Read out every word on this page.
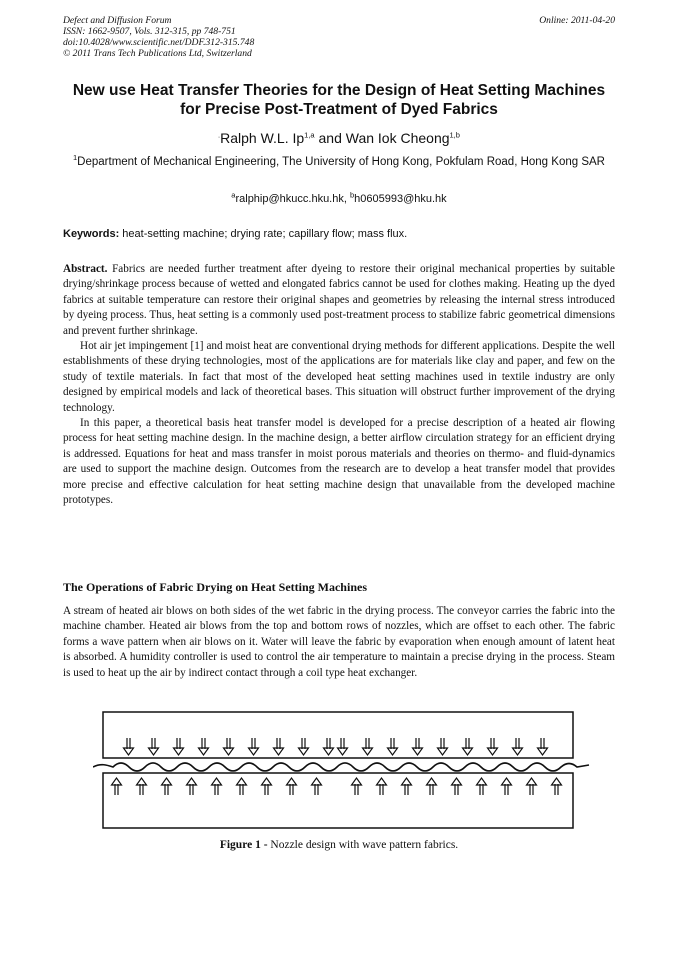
Defect and Diffusion Forum	Online: 2011-04-20
ISSN: 1662-9507, Vols. 312-315, pp 748-751
doi:10.4028/www.scientific.net/DDF.312-315.748
© 2011 Trans Tech Publications Ltd, Switzerland
New use Heat Transfer Theories for the Design of Heat Setting Machines
for Precise Post-Treatment of Dyed Fabrics
.Ralph W.L. Ip$^{1,a}$ and Wan Iok Cheong$^{1,b}$
$^1$Department of Mechanical Engineering, The University of Hong Kong, Pokfulam Road, Hong Kong SAR
$^a$ralphip@hkucc.hku.hk, $^b$h0605993@hku.hk
Keywords: heat-setting machine; drying rate; capillary flow; mass flux.

Abstract. Fabrics are needed further treatment after dyeing to restore their original mechanical properties by suitable drying/shrinkage process because of wetted and elongated fabrics cannot be used for clothes making. Heating up the dyed fabrics at suitable temperature can restore their original shapes and geometries by releasing the internal stress introduced by dyeing process. Thus, heat setting is a commonly used post-treatment process to stabilize fabric geometrical dimensions and prevent further shrinkage.

Hot air jet impingement [1] and moist heat are conventional drying methods for different applications. Despite the well establishments of these drying technologies, most of the applications are for materials like clay and paper, and few on the study of textile materials. In fact that most of the developed heat setting machines used in textile industry are only designed by empirical models and lack of theoretical bases. This situation will obstruct further improvement of the drying technology.

In this paper, a theoretical basis heat transfer model is developed for a precise description of a heated air flowing process for heat setting machine design. In the machine design, a better airflow circulation strategy for an efficient drying is addressed. Equations for heat and mass transfer in moist porous materials and theories on thermo- and fluid-dynamics are used to support the machine design. Outcomes from the research are to develop a heat transfer model that provides more precise and effective calculation for heat setting machine design that unavailable from the developed machine prototypes.

The Operations of Fabric Drying on Heat Setting Machines

A stream of heated air blows on both sides of the wet fabric in the drying process. The conveyor carries the fabric into the machine chamber. Heated air blows from the top and bottom rows of nozzles, which are offset to each other. The fabric forms a wave pattern when air blows on it. Water will leave the fabric by evaporation when enough amount of latent heat is absorbed. A humidity controller is used to control the air temperature to maintain a precise drying in the process. Steam is used to heat up the air by indirect contact through a coil type heat exchanger.

Figure 1 - Nozzle design with wave pattern fabrics.
